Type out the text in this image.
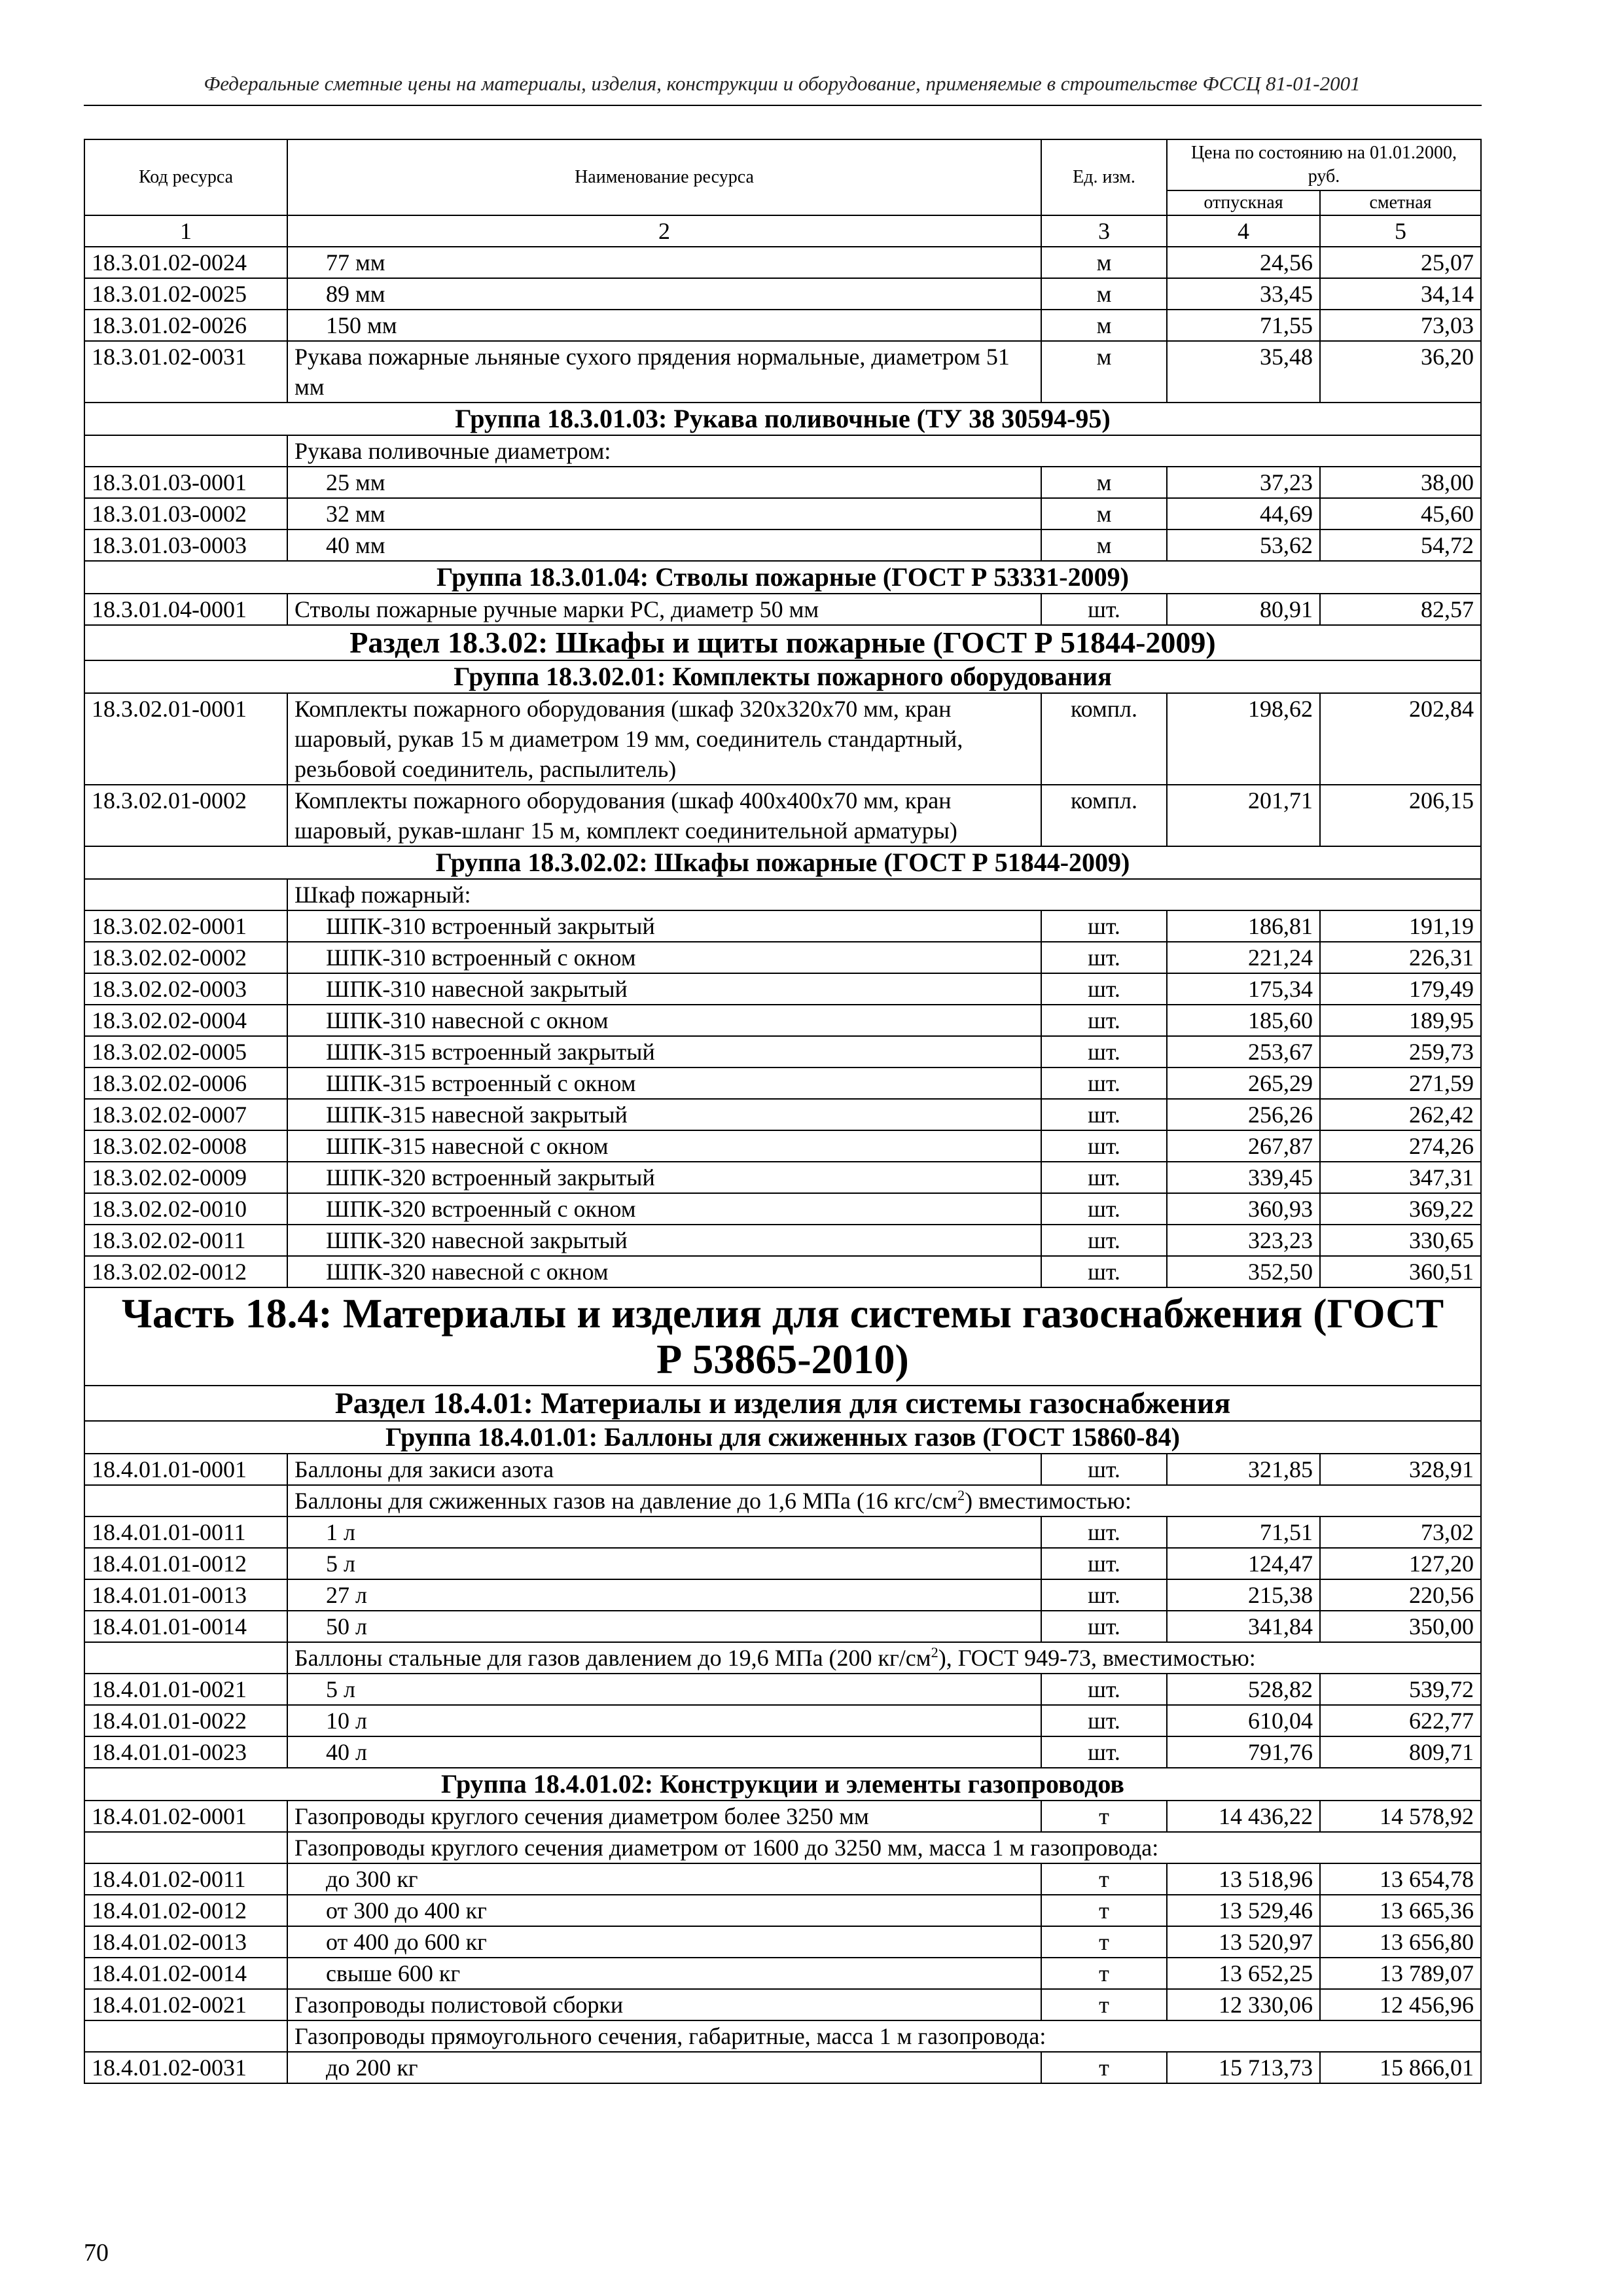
Федеральные сметные цены на материалы, изделия, конструкции и оборудование, применяемые в строительстве ФССЦ 81-01-2001
Код ресурса	Наименование ресурса	Ед. изм.	Цена по состоянию на 01.01.2000, руб.	
			отпускная	сметная
1	2	3	4	5
18.3.01.02-0024	77 мм	м	24,56	25,07
18.3.01.02-0025	89 мм	м	33,45	34,14
18.3.01.02-0026	150 мм	м	71,55	73,03
18.3.01.02-0031	Рукава пожарные льняные сухого прядения нормальные, диаметром 51 мм	м	35,48	36,20
Группа 18.3.01.03: Рукава поливочные (ТУ 38 30594-95)				
	Рукава поливочные диаметром:			
18.3.01.03-0001	25 мм	м	37,23	38,00
18.3.01.03-0002	32 мм	м	44,69	45,60
18.3.01.03-0003	40 мм	м	53,62	54,72
Группа 18.3.01.04: Стволы пожарные (ГОСТ Р 53331-2009)				
18.3.01.04-0001	Стволы пожарные ручные марки РС, диаметр 50 мм	шт.	80,91	82,57
Раздел 18.3.02: Шкафы и щиты пожарные (ГОСТ Р 51844-2009)				
Группа 18.3.02.01: Комплекты пожарного оборудования				
18.3.02.01-0001	Комплекты пожарного оборудования (шкаф 320х320х70 мм, кран шаровый, рукав 15 м диаметром 19 мм, соединитель стандартный, резьбовой соединитель, распылитель)	компл.	198,62	202,84
18.3.02.01-0002	Комплекты пожарного оборудования (шкаф 400х400х70 мм, кран шаровый, рукав-шланг 15 м, комплект соединительной арматуры)	компл.	201,71	206,15
Группа 18.3.02.02: Шкафы пожарные (ГОСТ Р 51844-2009)				
	Шкаф пожарный:			
18.3.02.02-0001	ШПК-310 встроенный закрытый	шт.	186,81	191,19
18.3.02.02-0002	ШПК-310 встроенный с окном	шт.	221,24	226,31
18.3.02.02-0003	ШПК-310 навесной закрытый	шт.	175,34	179,49
18.3.02.02-0004	ШПК-310 навесной с окном	шт.	185,60	189,95
18.3.02.02-0005	ШПК-315 встроенный закрытый	шт.	253,67	259,73
18.3.02.02-0006	ШПК-315 встроенный с окном	шт.	265,29	271,59
18.3.02.02-0007	ШПК-315 навесной закрытый	шт.	256,26	262,42
18.3.02.02-0008	ШПК-315 навесной с окном	шт.	267,87	274,26
18.3.02.02-0009	ШПК-320 встроенный закрытый	шт.	339,45	347,31
18.3.02.02-0010	ШПК-320 встроенный с окном	шт.	360,93	369,22
18.3.02.02-0011	ШПК-320 навесной закрытый	шт.	323,23	330,65
18.3.02.02-0012	ШПК-320 навесной с окном	шт.	352,50	360,51
Часть 18.4: Материалы и изделия для системы газоснабжения (ГОСТ Р 53865-2010)				
Раздел 18.4.01: Материалы и изделия для системы газоснабжения				
Группа 18.4.01.01: Баллоны для сжиженных газов (ГОСТ 15860-84)				
18.4.01.01-0001	Баллоны для закиси азота	шт.	321,85	328,91
	Баллоны для сжиженных газов на давление до 1,6 МПа (16 кгс/$см^2$) вместимостью:			
18.4.01.01-0011	1 л	шт.	71,51	73,02
18.4.01.01-0012	5 л	шт.	124,47	127,20
18.4.01.01-0013	27 л	шт.	215,38	220,56
18.4.01.01-0014	50 л	шт.	341,84	350,00
	Баллоны стальные для газов давлением до 19,6 МПа (200 $кг/см^2$), ГОСТ 949-73, вместимостью:			
18.4.01.01-0021	5 л	шт.	528,82	539,72
18.4.01.01-0022	10 л	шт.	610,04	622,77
18.4.01.01-0023	40 л	шт.	791,76	809,71
Группа 18.4.01.02: Конструкции и элементы газопроводов				
18.4.01.02-0001	Газопроводы круглого сечения диаметром более 3250 мм	т	14 436,22	14 578,92
	Газопроводы круглого сечения диаметром от 1600 до 3250 мм, масса 1 м газопровода:			
18.4.01.02-0011	до 300 кг	т	13 518,96	13 654,78
18.4.01.02-0012	от 300 до 400 кг	т	13 529,46	13 665,36
18.4.01.02-0013	от 400 до 600 кг	т	13 520,97	13 656,80
18.4.01.02-0014	свыше 600 кг	т	13 652,25	13 789,07
18.4.01.02-0021	Газопроводы полистовой сборки	т	12 330,06	12 456,96
	Газопроводы прямоугольного сечения, габаритные, масса 1 м газопровода:			
18.4.01.02-0031	до 200 кг	т	15 713,73	15 866,01
70
